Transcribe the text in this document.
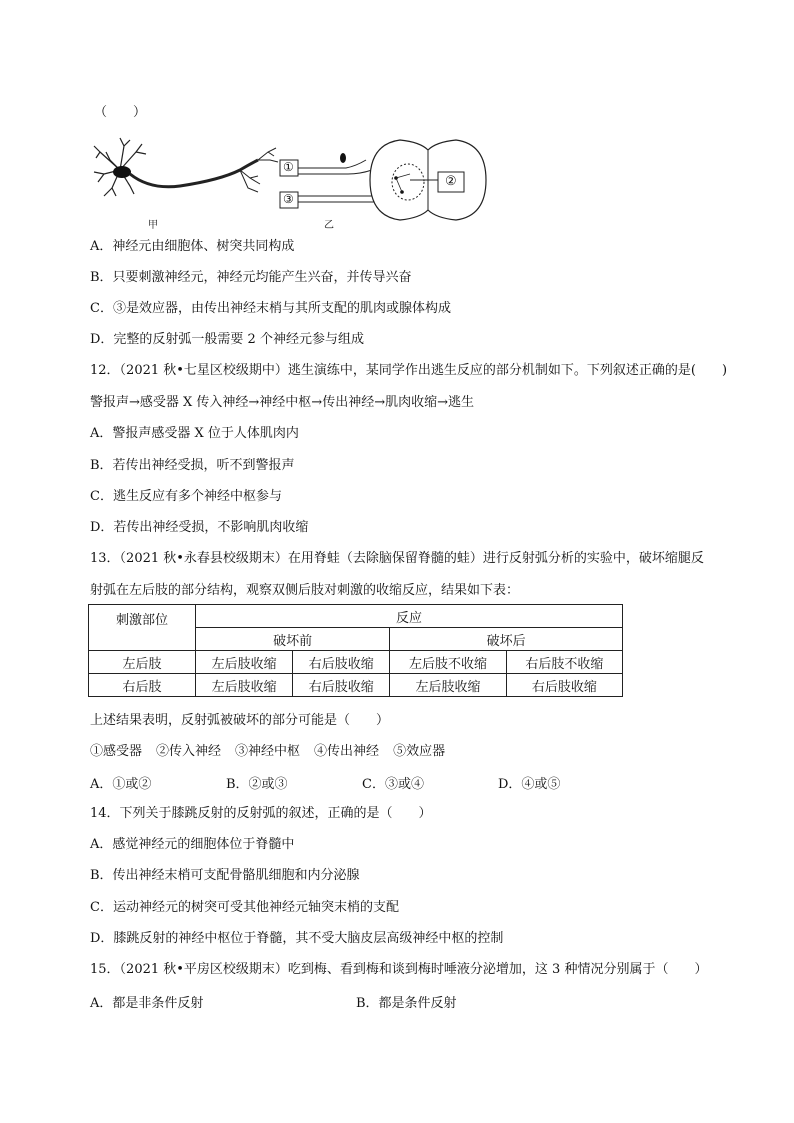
（　　）
①
③
②
甲	乙
A．神经元由细胞体、树突共同构成
B．只要刺激神经元，神经元均能产生兴奋，并传导兴奋
C．③是效应器，由传出神经末梢与其所支配的肌肉或腺体构成
D．完整的反射弧一般需要 2 个神经元参与组成
12．（2021 秋•七星区校级期中）逃生演练中，某同学作出逃生反应的部分机制如下。下列叙述正确的是(　　)
警报声→感受器 X 传入神经→神经中枢→传出神经→肌肉收缩→逃生
A．警报声感受器 X 位于人体肌肉内
B．若传出神经受损，听不到警报声
C．逃生反应有多个神经中枢参与
D．若传出神经受损，不影响肌肉收缩
13．（2021 秋•永春县校级期末）在用脊蛙（去除脑保留脊髓的蛙）进行反射弧分析的实验中，破坏缩腿反
射弧在左后肢的部分结构，观察双侧后肢对刺激的收缩反应，结果如下表：
刺激部位	反应			
	破坏前		破坏后	
左后肢	左后肢收缩	右后肢收缩	左后肢不收缩	右后肢不收缩
右后肢	左后肢收缩	右后肢收缩	左后肢收缩	右后肢收缩
上述结果表明，反射弧被破坏的部分可能是（　　）
①感受器 ②传入神经 ③神经中枢 ④传出神经 ⑤效应器
A．①或②	B．②或③	C．③或④	D．④或⑤
14．下列关于膝跳反射的反射弧的叙述，正确的是（　　）
A．感觉神经元的细胞体位于脊髓中
B．传出神经末梢可支配骨骼肌细胞和内分泌腺
C．运动神经元的树突可受其他神经元轴突末梢的支配
D．膝跳反射的神经中枢位于脊髓，其不受大脑皮层高级神经中枢的控制
15．（2021 秋•平房区校级期末）吃到梅、看到梅和谈到梅时唾液分泌增加，这 3 种情况分别属于（　　）
A．都是非条件反射	B．都是条件反射
